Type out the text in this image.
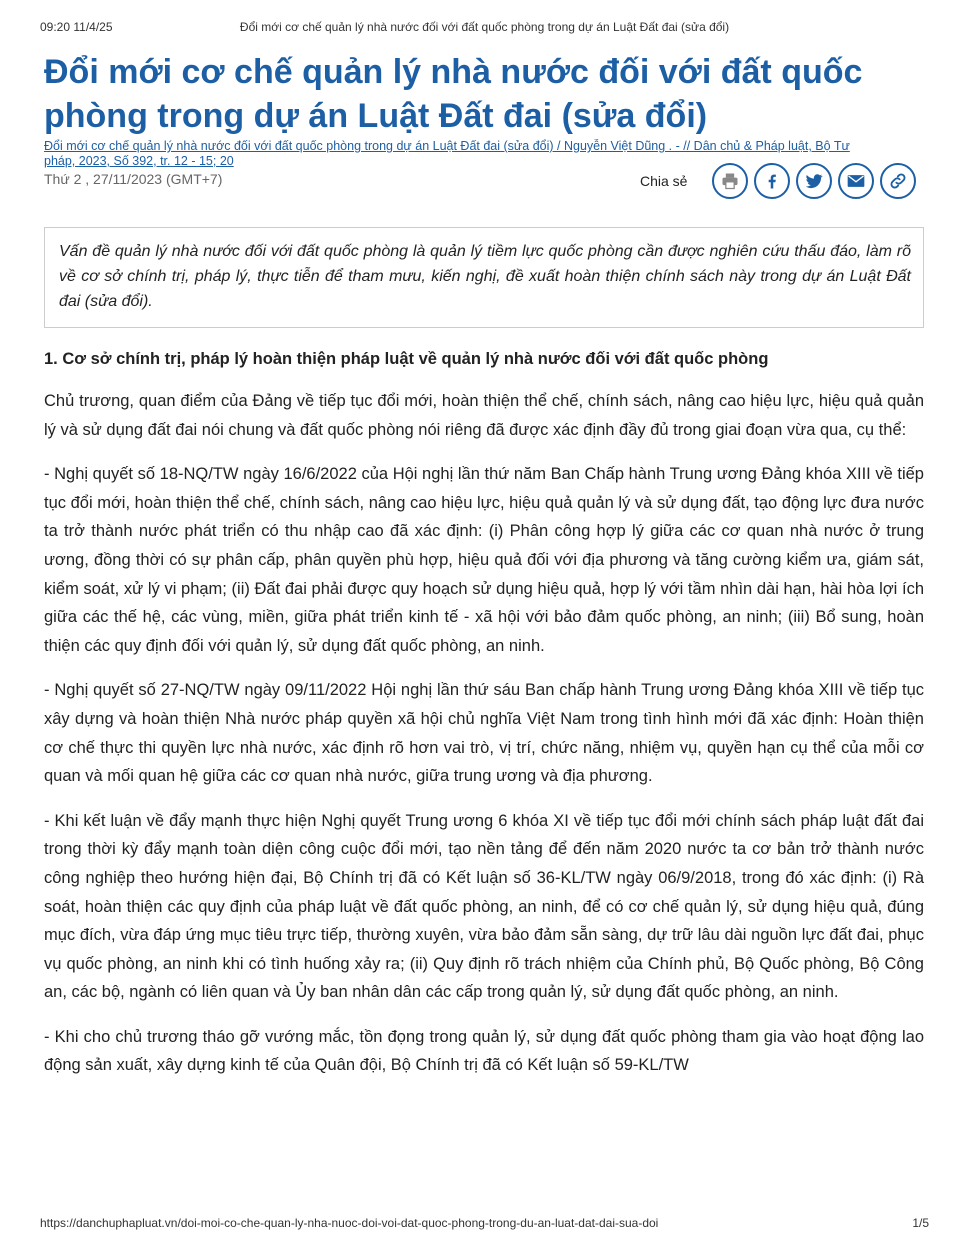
09:20 11/4/25	Đổi mới cơ chế quản lý nhà nước đối với đất quốc phòng trong dự án Luật Đất đai (sửa đổi)
Đổi mới cơ chế quản lý nhà nước đối với đất quốc phòng trong dự án Luật Đất đai (sửa đổi)
Đổi mới cơ chế quản lý nhà nước đối với đất quốc phòng trong dự án Luật Đất đai (sửa đổi) / Nguyễn Việt Dũng . - // Dân chủ & Pháp luật, Bộ Tư
pháp, 2023, Số 392, tr. 12 - 15; 20
Thứ 2 , 27/11/2023 (GMT+7)	Chia sẻ
Vấn đề quản lý nhà nước đối với đất quốc phòng là quản lý tiềm lực quốc phòng cần được nghiên cứu thấu đáo, làm rõ về cơ sở chính trị, pháp lý, thực tiễn để tham mưu, kiến nghị, đề xuất hoàn thiện chính sách này trong dự án Luật Đất đai (sửa đổi).
1. Cơ sở chính trị, pháp lý hoàn thiện pháp luật về quản lý nhà nước đối với đất quốc phòng

Chủ trương, quan điểm của Đảng về tiếp tục đổi mới, hoàn thiện thể chế, chính sách, nâng cao hiệu lực, hiệu quả quản lý và sử dụng đất đai nói chung và đất quốc phòng nói riêng đã được xác định đầy đủ trong giai đoạn vừa qua, cụ thể:

- Nghị quyết số 18-NQ/TW ngày 16/6/2022 của Hội nghị lần thứ năm Ban Chấp hành Trung ương Đảng khóa XIII về tiếp tục đổi mới, hoàn thiện thể chế, chính sách, nâng cao hiệu lực, hiệu quả quản lý và sử dụng đất, tạo động lực đưa nước ta trở thành nước phát triển có thu nhập cao đã xác định: (i) Phân công hợp lý giữa các cơ quan nhà nước ở trung ương, đồng thời có sự phân cấp, phân quyền phù hợp, hiệu quả đối với địa phương và tăng cường kiểm ưa, giám sát, kiểm soát, xử lý vi phạm; (ii) Đất đai phải được quy hoạch sử dụng hiệu quả, hợp lý với tầm nhìn dài hạn, hài hòa lợi ích giữa các thế hệ, các vùng, miền, giữa phát triển kinh tế - xã hội với bảo đảm quốc phòng, an ninh; (iii) Bổ sung, hoàn thiện các quy định đối với quản lý, sử dụng đất quốc phòng, an ninh.

- Nghị quyết số 27-NQ/TW ngày 09/11/2022 Hội nghị lần thứ sáu Ban chấp hành Trung ương Đảng khóa XIII về tiếp tục xây dựng và hoàn thiện Nhà nước pháp quyền xã hội chủ nghĩa Việt Nam trong tình hình mới đã xác định: Hoàn thiện cơ chế thực thi quyền lực nhà nước, xác định rõ hơn vai trò, vị trí, chức năng, nhiệm vụ, quyền hạn cụ thể của mỗi cơ quan và mối quan hệ giữa các cơ quan nhà nước, giữa trung ương và địa phương.

- Khi kết luận về đẩy mạnh thực hiện Nghị quyết Trung ương 6 khóa XI về tiếp tục đổi mới chính sách pháp luật đất đai trong thời kỳ đẩy mạnh toàn diện công cuộc đổi mới, tạo nền tảng để đến năm 2020 nước ta cơ bản trở thành nước công nghiệp theo hướng hiện đại, Bộ Chính trị đã có Kết luận số 36-KL/TW ngày 06/9/2018, trong đó xác định: (i) Rà soát, hoàn thiện các quy định của pháp luật về đất quốc phòng, an ninh, để có cơ chế quản lý, sử dụng hiệu quả, đúng mục đích, vừa đáp ứng mục tiêu trực tiếp, thường xuyên, vừa bảo đảm sẵn sàng, dự trữ lâu dài nguồn lực đất đai, phục vụ quốc phòng, an ninh khi có tình huống xảy ra; (ii) Quy định rõ trách nhiệm của Chính phủ, Bộ Quốc phòng, Bộ Công an, các bộ, ngành có liên quan và Ủy ban nhân dân các cấp trong quản lý, sử dụng đất quốc phòng, an ninh.

- Khi cho chủ trương tháo gỡ vướng mắc, tồn đọng trong quản lý, sử dụng đất quốc phòng tham gia vào hoạt động lao động sản xuất, xây dựng kinh tế của Quân đội, Bộ Chính trị đã có Kết luận số 59-KL/TW

https://danchuphapluat.vn/doi-moi-co-che-quan-ly-nha-nuoc-doi-voi-dat-quoc-phong-trong-du-an-luat-dat-dai-sua-doi	1/5
